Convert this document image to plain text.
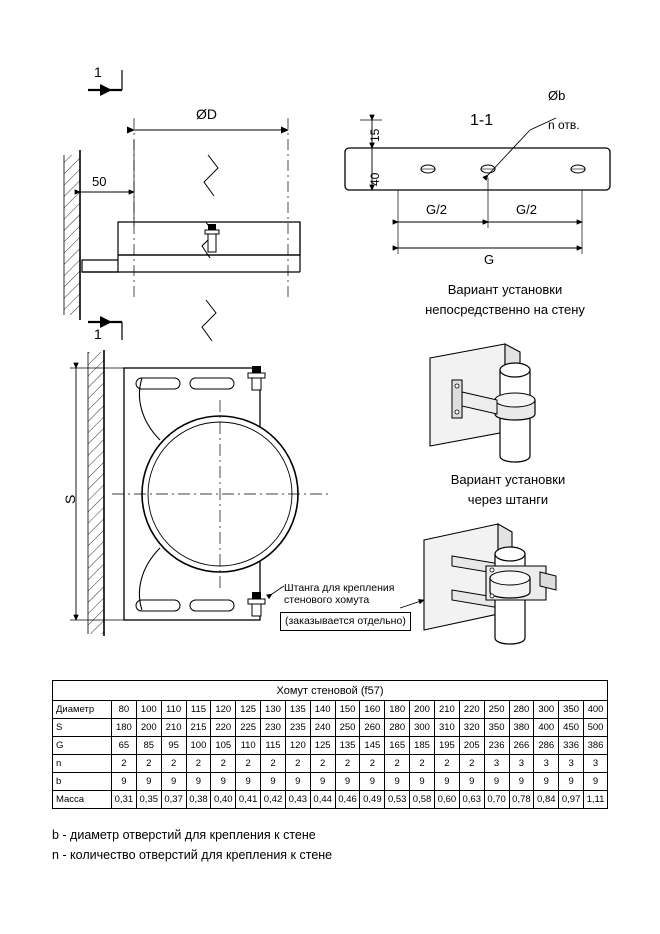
1
1
ØD
50
1-1
Øb
n отв.
15
40
G/2	G/2
G
Вариант установки
непосредственно на стену
S
Штанга для крепления
стенового хомута
(заказывается отдельно)
Вариант установки
через штанги
Хомут стеновой (f57)																				
Диаметр	80	100	110	115	120	125	130	135	140	150	160	180	200	210	220	250	280	300	350	400
S	180	200	210	215	220	225	230	235	240	250	260	280	300	310	320	350	380	400	450	500
G	65	85	95	100	105	110	115	120	125	135	145	165	185	195	205	236	266	286	336	386
n	2	2	2	2	2	2	2	2	2	2	2	2	2	2	2	3	3	3	3	3
b	9	9	9	9	9	9	9	9	9	9	9	9	9	9	9	9	9	9	9	9
Масса	0,31	0,35	0,37	0,38	0,40	0,41	0,42	0,43	0,44	0,46	0,49	0,53	0,58	0,60	0,63	0,70	0,78	0,84	0,97	1,11
b - диаметр отверстий для крепления к стене
n - количество отверстий для крепления к стене
